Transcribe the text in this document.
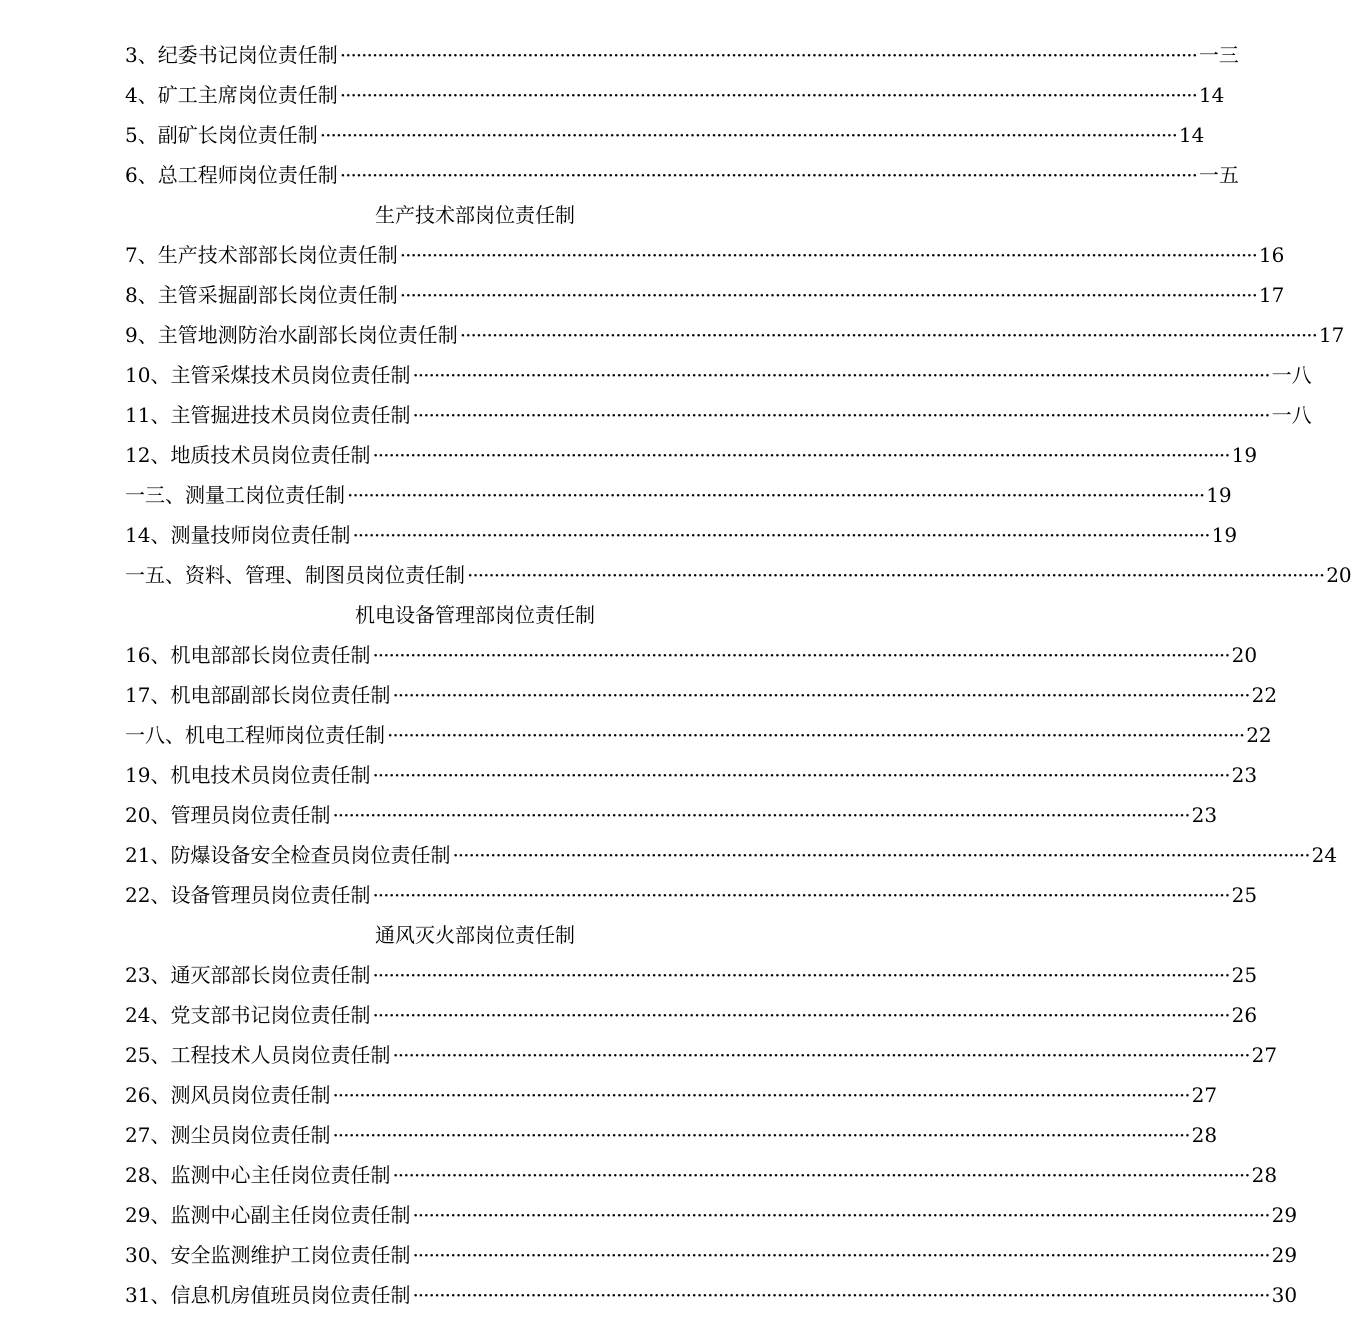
3、纪委书记岗位责任制 ································································································································································ 一三
4、矿工主席岗位责任制 ································································································································································ 14
5、副矿长岗位责任制 ································································································································································ 14
6、总工程师岗位责任制 ································································································································································ 一五
生产技术部岗位责任制
7、生产技术部部长岗位责任制 ································································································································································ 16
8、主管采掘副部长岗位责任制 ································································································································································ 17
9、主管地测防治水副部长岗位责任制 ································································································································································ 17
10、主管采煤技术员岗位责任制 ································································································································································ 一八
11、主管掘进技术员岗位责任制 ································································································································································ 一八
12、地质技术员岗位责任制 ································································································································································ 19
一三、测量工岗位责任制 ································································································································································ 19
14、测量技师岗位责任制 ································································································································································ 19
一五、资料、管理、制图员岗位责任制 ································································································································································ 20
机电设备管理部岗位责任制
16、机电部部长岗位责任制 ································································································································································ 20
17、机电部副部长岗位责任制 ································································································································································ 22
一八、机电工程师岗位责任制 ································································································································································ 22
19、机电技术员岗位责任制 ································································································································································ 23
20、管理员岗位责任制 ································································································································································ 23
21、防爆设备安全检查员岗位责任制 ································································································································································ 24
22、设备管理员岗位责任制 ································································································································································ 25
通风灭火部岗位责任制
23、通灭部部长岗位责任制 ································································································································································ 25
24、党支部书记岗位责任制 ································································································································································ 26
25、工程技术人员岗位责任制 ································································································································································ 27
26、测风员岗位责任制 ································································································································································ 27
27、测尘员岗位责任制 ································································································································································ 28
28、监测中心主任岗位责任制 ································································································································································ 28
29、监测中心副主任岗位责任制 ································································································································································ 29
30、安全监测维护工岗位责任制 ································································································································································ 29
31、信息机房值班员岗位责任制 ································································································································································ 30
